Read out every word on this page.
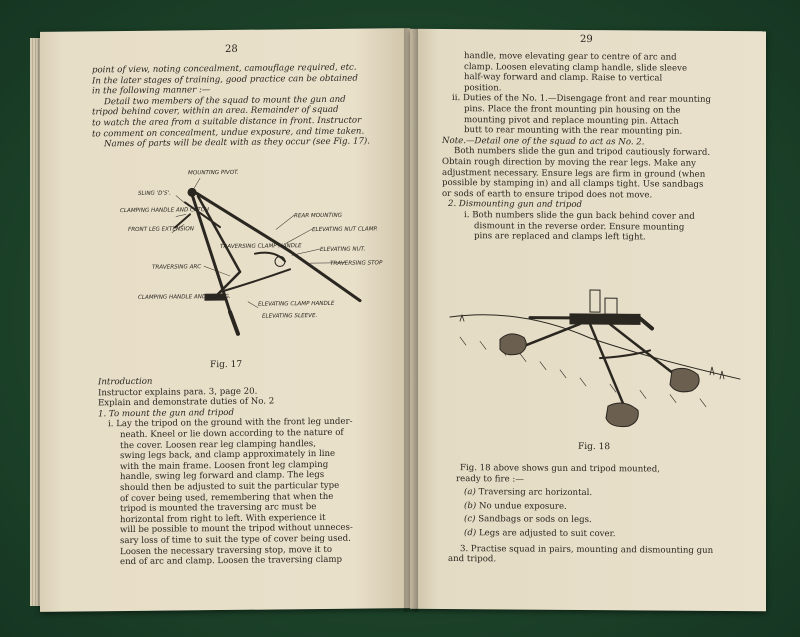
28

point of view, noting concealment, camouflage required, etc.

In the later stages of training, good practice can be obtained

in the following manner :—

Detail two members of the squad to mount the gun and

tripod behind cover, within an area. Remainder of squad

to watch the area from a suitable distance in front. Instructor

to comment on concealment, undue exposure, and time taken.

Names of parts will be dealt with as they occur (see Fig. 17).

MOUNTING PIVOT.
SLING 'D'S'.
CLAMPING HANDLE AND CATCH
FRONT LEG EXTENSION
REAR MOUNTING
ELEVATING NUT CLAMP.
TRAVERSING CLAMP HANDLE	ELEVATING NUT.
TRAVERSING STOP
TRAVERSING ARC
ELEVATING CLAMP HANDLE
CLAMPING HANDLE AND SPRING.
ELEVATING SLEEVE.
Fig. 17

Introduction

Instructor explains para. 3, page 20.

Explain and demonstrate duties of No. 2

1. To mount the gun and tripod

i. Lay the tripod on the ground with the front leg under-

neath. Kneel or lie down according to the nature of

the cover. Loosen rear leg clamping handles,

swing legs back, and clamp approximately in line

with the main frame. Loosen front leg clamping

handle, swing leg forward and clamp. The legs

should then be adjusted to suit the particular type

of cover being used, remembering that when the

tripod is mounted the traversing arc must be

horizontal from right to left. With experience it

will be possible to mount the tripod without unneces-

sary loss of time to suit the type of cover being used.

Loosen the necessary traversing stop, move it to

end of arc and clamp. Loosen the traversing clamp

29

handle, move elevating gear to centre of arc and

clamp. Loosen elevating clamp handle, slide sleeve

half-way forward and clamp. Raise to vertical

position.

ii. Duties of the No. 1.—Disengage front and rear mounting

pins. Place the front mounting pin housing on the

mounting pivot and replace mounting pin. Attach

butt to rear mounting with the rear mounting pin.

Note.—Detail one of the squad to act as No. 2.

Both numbers slide the gun and tripod cautiously forward.

Obtain rough direction by moving the rear legs. Make any

adjustment necessary. Ensure legs are firm in ground (when

possible by stamping in) and all clamps tight. Use sandbags

or sods of earth to ensure tripod does not move.

2. Dismounting gun and tripod

i. Both numbers slide the gun back behind cover and

dismount in the reverse order. Ensure mounting

pins are replaced and clamps left tight.

Fig. 18

Fig. 18 above shows gun and tripod mounted,

ready to fire :—

(a) Traversing arc horizontal.

(b) No undue exposure.

(c) Sandbags or sods on legs.

(d) Legs are adjusted to suit cover.

3. Practise squad in pairs, mounting and dismounting gun

and tripod.
